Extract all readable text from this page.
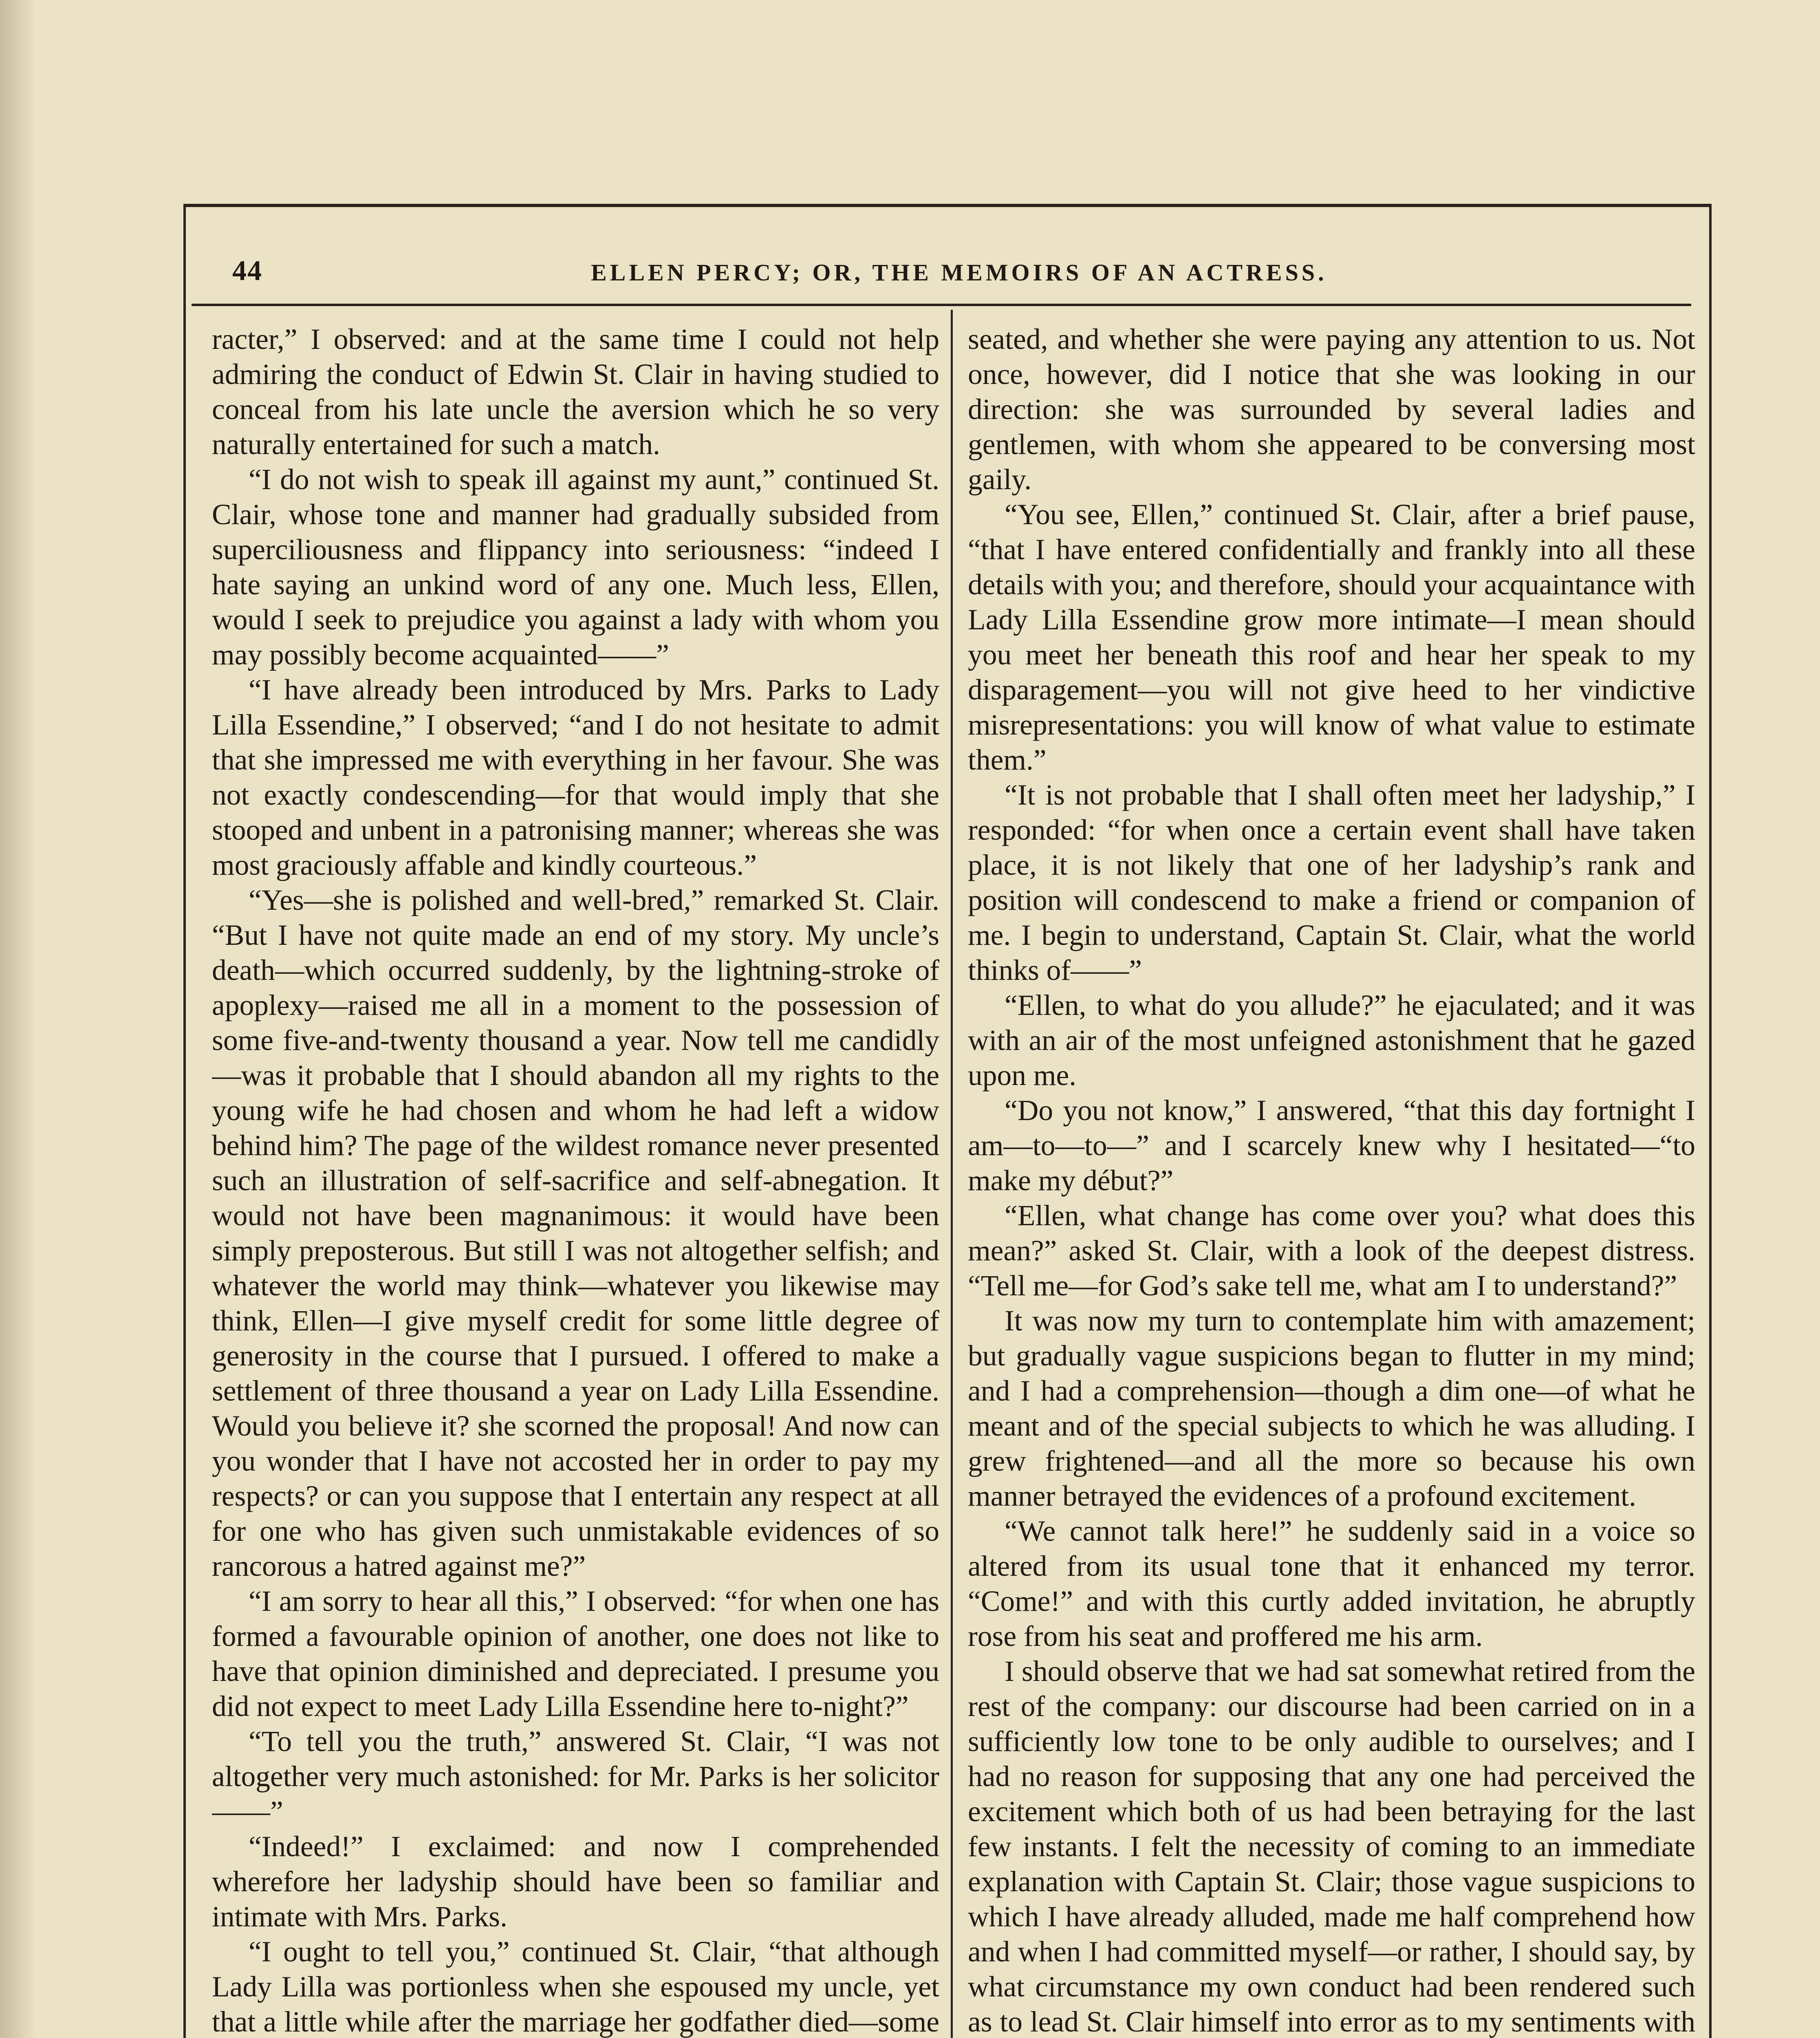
44	ELLEN PERCY; OR, THE MEMOIRS OF AN ACTRESS.

racter,” I observed: and at the same time I could not help admiring the conduct of Edwin St. Clair in having studied to conceal from his late uncle the aversion which he so very naturally entertained for such a match.

“I do not wish to speak ill against my aunt,” continued St. Clair, whose tone and manner had gradually subsided from superciliousness and flippancy into seriousness: “indeed I hate saying an unkind word of any one. Much less, Ellen, would I seek to prejudice you against a lady with whom you may possibly become acquainted——”

“I have already been introduced by Mrs. Parks to Lady Lilla Essendine,” I observed; “and I do not hesitate to admit that she impressed me with everything in her favour. She was not exactly condescending—for that would imply that she stooped and unbent in a patronising manner; whereas she was most graciously affable and kindly courteous.”

“Yes—she is polished and well-bred,” remarked St. Clair. “But I have not quite made an end of my story. My uncle’s death—which occurred suddenly, by the lightning-stroke of apoplexy—raised me all in a moment to the possession of some five-and-twenty thousand a year. Now tell me candidly—was it probable that I should abandon all my rights to the young wife he had chosen and whom he had left a widow behind him? The page of the wildest romance never presented such an illustration of self-sacrifice and self-abnegation. It would not have been magnanimous: it would have been simply preposterous. But still I was not altogether selfish; and whatever the world may think—whatever you likewise may think, Ellen—I give myself credit for some little degree of generosity in the course that I pursued. I offered to make a settlement of three thousand a year on Lady Lilla Essendine. Would you believe it? she scorned the proposal! And now can you wonder that I have not accosted her in order to pay my respects? or can you suppose that I entertain any respect at all for one who has given such unmistakable evidences of so rancorous a hatred against me?”

“I am sorry to hear all this,” I observed: “for when one has formed a favourable opinion of another, one does not like to have that opinion diminished and depreciated. I presume you did not expect to meet Lady Lilla Essendine here to-night?”

“To tell you the truth,” answered St. Clair, “I was not altogether very much astonished: for Mr. Parks is her solicitor——”

“Indeed!” I exclaimed: and now I comprehended wherefore her ladyship should have been so familiar and intimate with Mrs. Parks.

“I ought to tell you,” continued St. Clair, “that although Lady Lilla was portionless when she espoused my uncle, yet that a little while after the marriage her godfather died—some

seated, and whether she were paying any attention to us. Not once, however, did I notice that she was looking in our direction: she was surrounded by several ladies and gentlemen, with whom she appeared to be conversing most gaily.

“You see, Ellen,” continued St. Clair, after a brief pause, “that I have entered confidentially and frankly into all these details with you; and therefore, should your acquaintance with Lady Lilla Essendine grow more intimate—I mean should you meet her beneath this roof and hear her speak to my disparagement—you will not give heed to her vindictive misrepresentations: you will know of what value to estimate them.”

“It is not probable that I shall often meet her ladyship,” I responded: “for when once a certain event shall have taken place, it is not likely that one of her ladyship’s rank and position will condescend to make a friend or companion of me. I begin to understand, Captain St. Clair, what the world thinks of——”

“Ellen, to what do you allude?” he ejaculated; and it was with an air of the most unfeigned astonishment that he gazed upon me.

“Do you not know,” I answered, “that this day fortnight I am—to—to—” and I scarcely knew why I hesitated—“to make my début?”

“Ellen, what change has come over you? what does this mean?” asked St. Clair, with a look of the deepest distress. “Tell me—for God’s sake tell me, what am I to understand?”

It was now my turn to contemplate him with amazement; but gradually vague suspicions began to flutter in my mind; and I had a comprehension—though a dim one—of what he meant and of the special subjects to which he was alluding. I grew frightened—and all the more so because his own manner betrayed the evidences of a profound excitement.

“We cannot talk here!” he suddenly said in a voice so altered from its usual tone that it enhanced my terror. “Come!” and with this curtly added invitation, he abruptly rose from his seat and proffered me his arm.

I should observe that we had sat somewhat retired from the rest of the company: our discourse had been carried on in a sufficiently low tone to be only audible to ourselves; and I had no reason for supposing that any one had perceived the excitement which both of us had been betraying for the last few instants. I felt the necessity of coming to an immediate explanation with Captain St. Clair; those vague suspicions to which I have already alluded, made me half comprehend how and when I had committed myself—or rather, I should say, by what circumstance my own conduct had been rendered such as to lead St. Clair himself into error as to my sentiments with
